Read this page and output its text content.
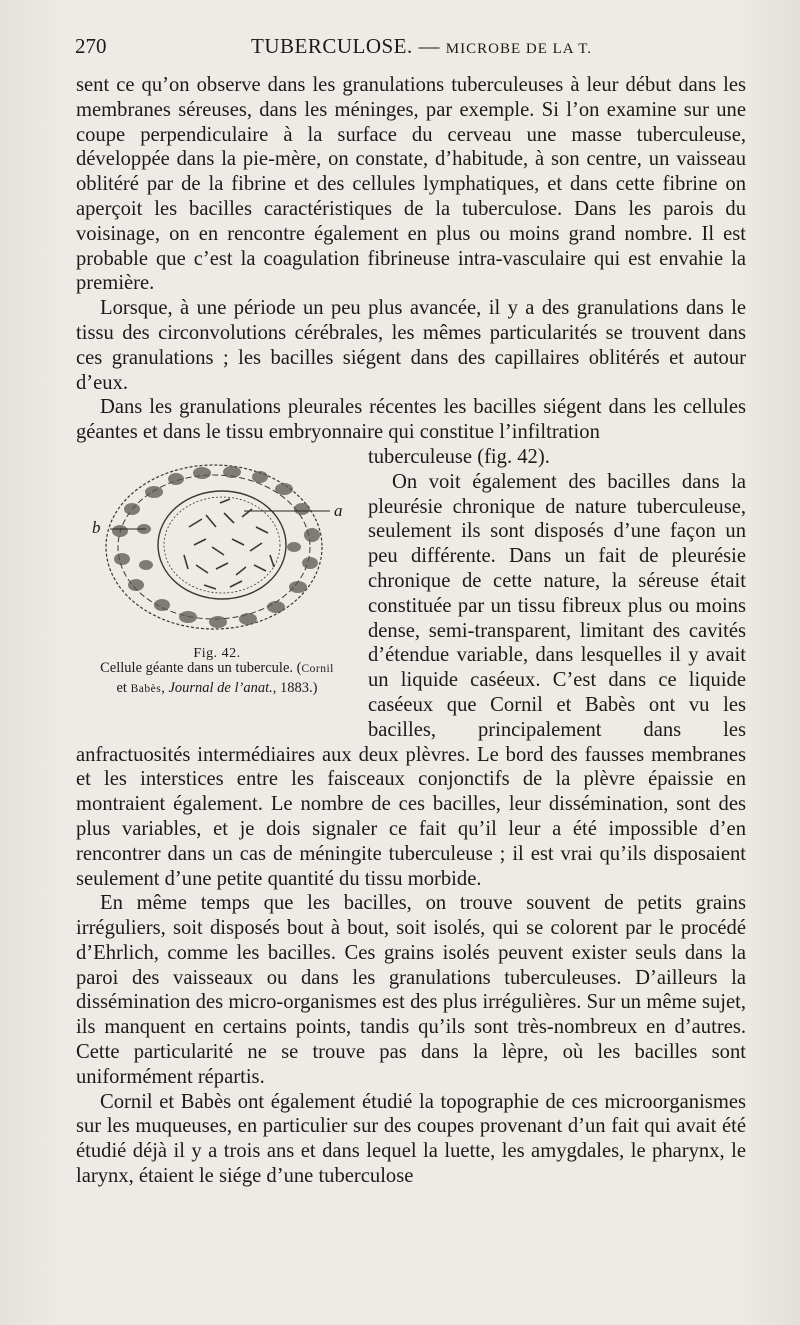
270	TUBERCULOSE. — MICROBE DE LA T.

sent ce qu’on observe dans les granulations tuberculeuses à leur début dans les membranes séreuses, dans les méninges, par exemple. Si l’on examine sur une coupe perpendiculaire à la surface du cerveau une masse tuberculeuse, développée dans la pie-mère, on constate, d’habitude, à son centre, un vaisseau oblitéré par de la fibrine et des cellules lymphatiques, et dans cette fibrine on aperçoit les bacilles caractéristiques de la tuberculose. Dans les parois du voisinage, on en rencontre également en plus ou moins grand nombre. Il est probable que c’est la coagulation fibrineuse intra-vasculaire qui est envahie la première.

Lorsque, à une période un peu plus avancée, il y a des granulations dans le tissu des circonvolutions cérébrales, les mêmes particularités se trouvent dans ces granulations ; les bacilles siégent dans des capillaires oblitérés et autour d’eux.

Dans les granulations pleurales récentes les bacilles siégent dans les cellules géantes et dans le tissu embryonnaire qui constitue l’infiltration

a
b
Fig. 42.
Cellule géante dans un tubercule. (Cornil
et Babès, Journal de l’anat., 1883.)

tuberculeuse (fig. 42).

On voit également des bacilles dans la pleurésie chronique de nature tuberculeuse, seulement ils sont disposés d’une façon un peu différente. Dans un fait de pleurésie chronique de cette nature, la séreuse était constituée par un tissu fibreux plus ou moins dense, semi-transparent, limitant des cavités d’étendue variable, dans lesquelles il y avait un liquide caséeux. C’est dans ce liquide caséeux que Cornil et Babès ont vu les bacilles, principalement dans les anfractuosités intermédiaires aux deux plèvres. Le bord des fausses membranes et les interstices entre les faisceaux conjonctifs de la plèvre épaissie en montraient également. Le nombre de ces bacilles, leur dissémination, sont des plus variables, et je dois signaler ce fait qu’il leur a été impossible d’en rencontrer dans un cas de méningite tuberculeuse ; il est vrai qu’ils disposaient seulement d’une petite quantité du tissu morbide.

En même temps que les bacilles, on trouve souvent de petits grains irréguliers, soit disposés bout à bout, soit isolés, qui se colorent par le procédé d’Ehrlich, comme les bacilles. Ces grains isolés peuvent exister seuls dans la paroi des vaisseaux ou dans les granulations tuberculeuses. D’ailleurs la dissémination des micro-organismes est des plus irrégulières. Sur un même sujet, ils manquent en certains points, tandis qu’ils sont très-nombreux en d’autres. Cette particularité ne se trouve pas dans la lèpre, où les bacilles sont uniformément répartis.

Cornil et Babès ont également étudié la topographie de ces microorganismes sur les muqueuses, en particulier sur des coupes provenant d’un fait qui avait été étudié déjà il y a trois ans et dans lequel la luette, les amygdales, le pharynx, le larynx, étaient le siége d’une tuberculose
